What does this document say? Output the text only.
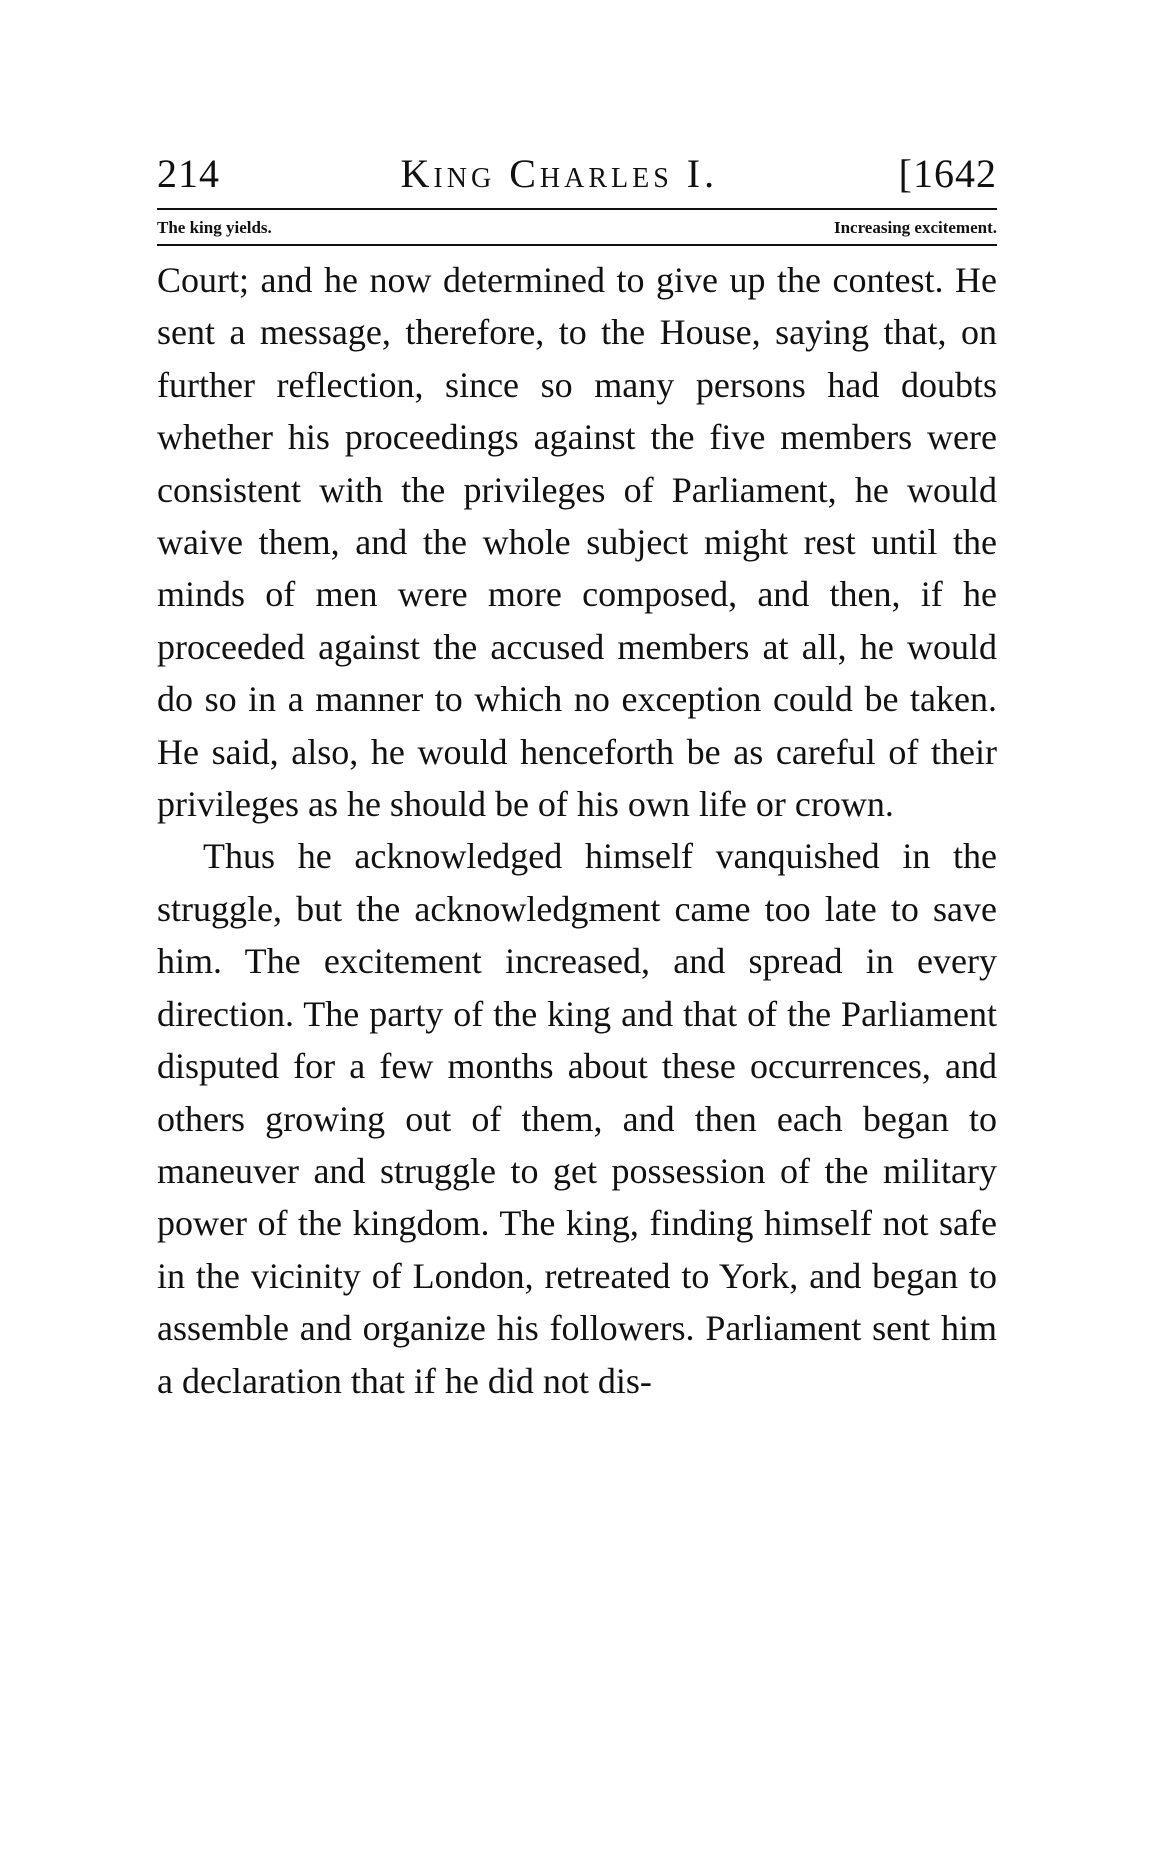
214	King Charles I.	[1642
The king yields.	Increasing excitement.

Court; and he now determined to give up the contest. He sent a message, therefore, to the House, saying that, on further reflection, since so many persons had doubts whether his proceedings against the five members were consistent with the privileges of Parliament, he would waive them, and the whole subject might rest until the minds of men were more composed, and then, if he proceeded against the accused members at all, he would do so in a manner to which no exception could be taken. He said, also, he would henceforth be as careful of their privileges as he should be of his own life or crown.

Thus he acknowledged himself vanquished in the struggle, but the acknowledgment came too late to save him. The excitement increased, and spread in every direction. The party of the king and that of the Parliament disputed for a few months about these occurrences, and others growing out of them, and then each began to maneuver and struggle to get possession of the military power of the kingdom. The king, finding himself not safe in the vicinity of London, retreated to York, and began to assemble and organize his followers. Parliament sent him a declaration that if he did not dis-
